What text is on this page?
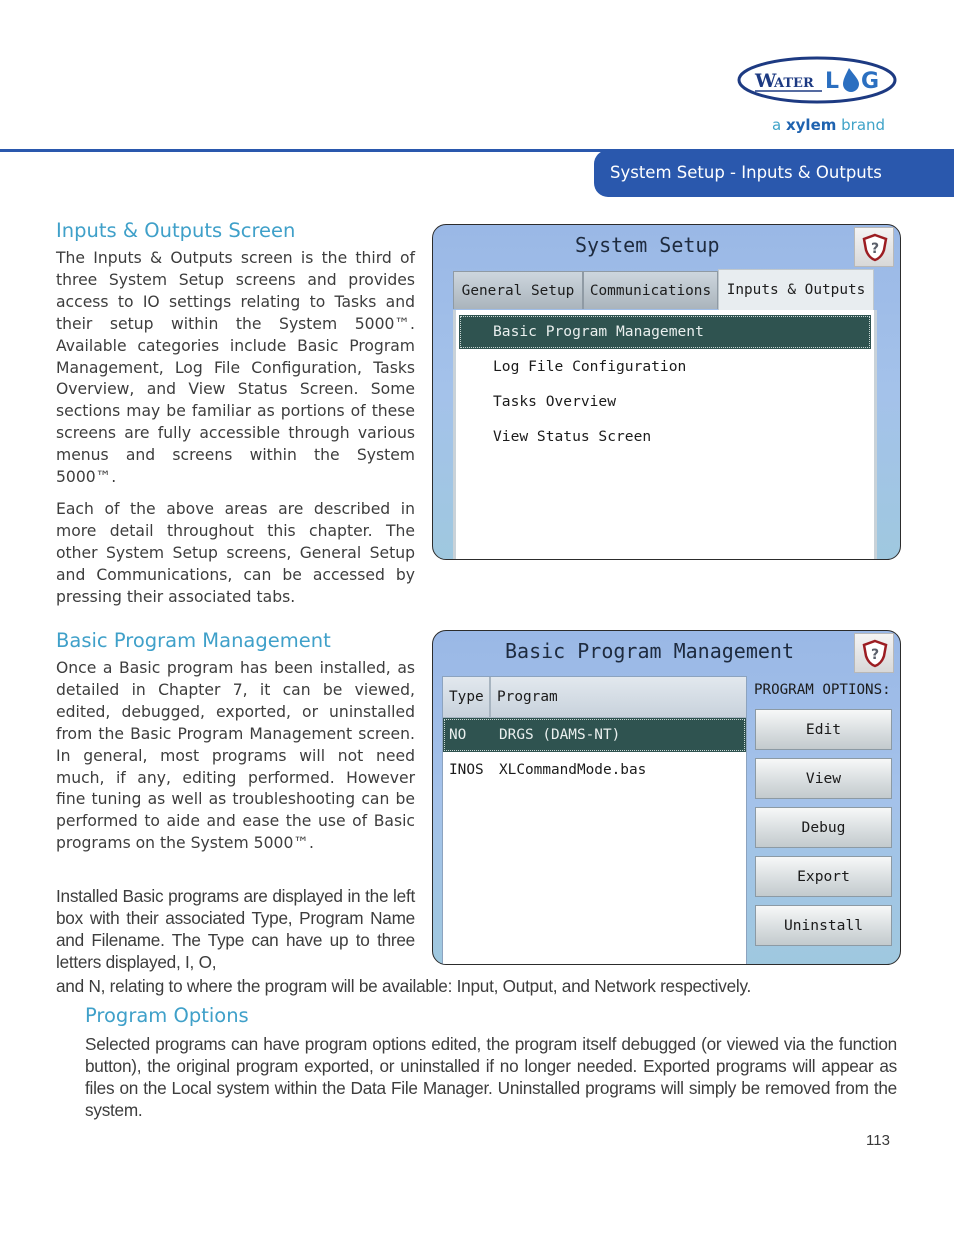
W
ATER L G
a xylem brand
System Setup - Inputs & Outputs
Inputs & Outputs Screen

The Inputs & Outputs screen is the third of three System Setup screens and provides access to IO settings relating to Tasks and their setup within the System 5000™. Available categories include Basic Program Management, Log File Configuration, Tasks Overview, and View Status Screen. Some sections may be familiar as portions of these screens are fully accessible through various menus and screens within the System 5000™.

Each of the above areas are described in more detail throughout this chapter. The other System Setup screens, General Setup and Communications, can be accessed by pressing their associated tabs.

System Setup	?
General Setup	Communications	Inputs & Outputs
Basic Program Management
Log File Configuration
Tasks Overview
View Status Screen
Basic Program Management

Once a Basic program has been installed, as detailed in Chapter 7, it can be viewed, edited, debugged, exported, or uninstalled from the Basic Program Management screen. In general, most programs will not need much, if any, editing performed. However fine tuning as well as troubleshooting can be performed to aide and ease the use of Basic programs on the System 5000™.

Installed Basic programs are displayed in the left box with their associated Type, Program Name and Filename. The Type can have up to three letters displayed, I, O,

and N, relating to where the program will be available: Input, Output, and Network respectively.

Basic Program Management	?
Type Program
NO DRGS (DAMS-NT)
INOS XLCommandMode.bas
PROGRAM OPTIONS:
Edit
View
Debug
Export
Uninstall
Program Options

Selected programs can have program options edited, the program itself debugged (or viewed via the function button), the original program exported, or uninstalled if no longer needed. Exported programs will appear as files on the Local system within the Data File Manager. Uninstalled programs will simply be removed from the system.

113
